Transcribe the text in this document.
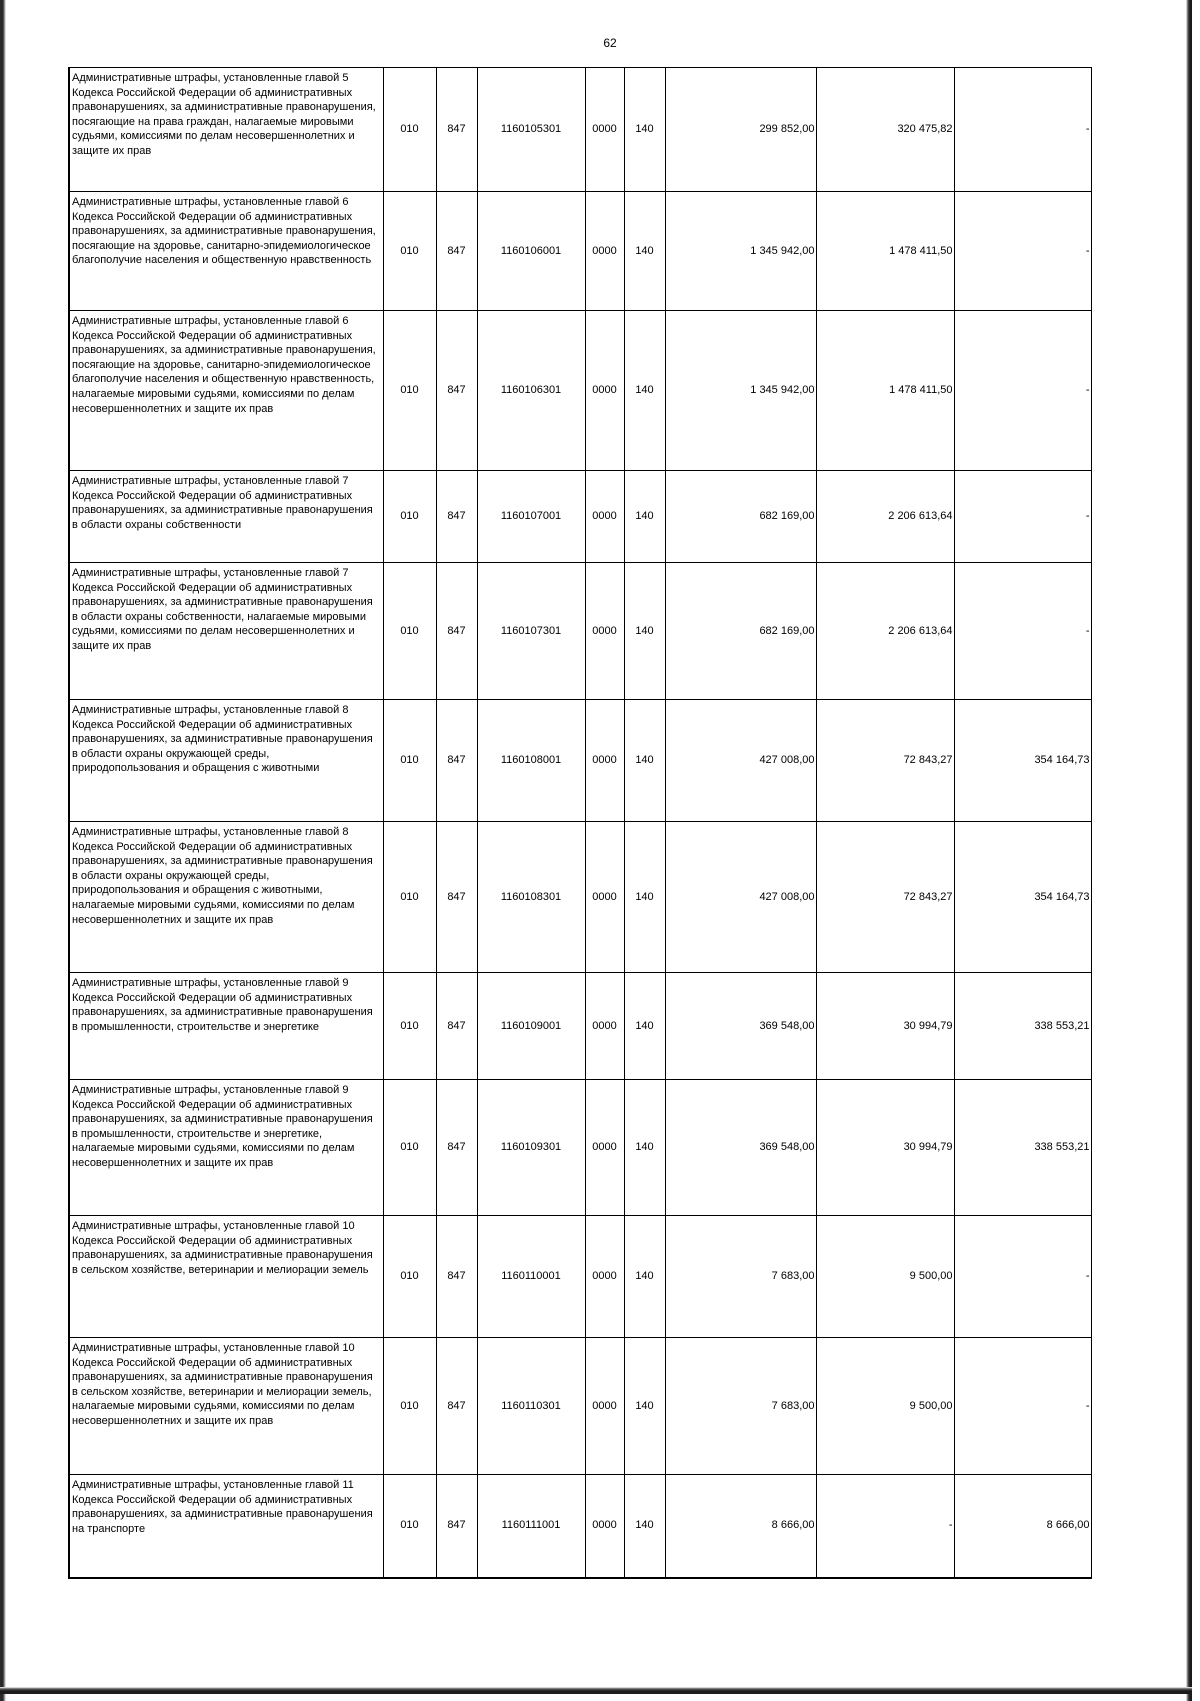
62
Административные штрафы, установленные главой 5 Кодекса Российской Федерации об административных правонарушениях, за административные правонарушения, посягающие на права граждан, налагаемые мировыми судьями, комиссиями по делам несовершеннолетних и защите их прав	010	847	1160105301	0000	140	299 852,00	320 475,82	-
Административные штрафы, установленные главой 6 Кодекса Российской Федерации об административных правонарушениях, за административные правонарушения, посягающие на здоровье, санитарно-эпидемиологическое благополучие населения и общественную нравственность	010	847	1160106001	0000	140	1 345 942,00	1 478 411,50	-
Административные штрафы, установленные главой 6 Кодекса Российской Федерации об административных правонарушениях, за административные правонарушения, посягающие на здоровье, санитарно-эпидемиологическое благополучие населения и общественную нравственность, налагаемые мировыми судьями, комиссиями по делам несовершеннолетних и защите их прав	010	847	1160106301	0000	140	1 345 942,00	1 478 411,50	-
Административные штрафы, установленные главой 7 Кодекса Российской Федерации об административных правонарушениях, за административные правонарушения в области охраны собственности	010	847	1160107001	0000	140	682 169,00	2 206 613,64	-
Административные штрафы, установленные главой 7 Кодекса Российской Федерации об административных правонарушениях, за административные правонарушения в области охраны собственности, налагаемые мировыми судьями, комиссиями по делам несовершеннолетних и защите их прав	010	847	1160107301	0000	140	682 169,00	2 206 613,64	-
Административные штрафы, установленные главой 8 Кодекса Российской Федерации об административных правонарушениях, за административные правонарушения в области охраны окружающей среды, природопользования и обращения с животными	010	847	1160108001	0000	140	427 008,00	72 843,27	354 164,73
Административные штрафы, установленные главой 8 Кодекса Российской Федерации об административных правонарушениях, за административные правонарушения в области охраны окружающей среды, природопользования и обращения с животными, налагаемые мировыми судьями, комиссиями по делам несовершеннолетних и защите их прав	010	847	1160108301	0000	140	427 008,00	72 843,27	354 164,73
Административные штрафы, установленные главой 9 Кодекса Российской Федерации об административных правонарушениях, за административные правонарушения в промышленности, строительстве и энергетике	010	847	1160109001	0000	140	369 548,00	30 994,79	338 553,21
Административные штрафы, установленные главой 9 Кодекса Российской Федерации об административных правонарушениях, за административные правонарушения в промышленности, строительстве и энергетике, налагаемые мировыми судьями, комиссиями по делам несовершеннолетних и защите их прав	010	847	1160109301	0000	140	369 548,00	30 994,79	338 553,21
Административные штрафы, установленные главой 10 Кодекса Российской Федерации об административных правонарушениях, за административные правонарушения в сельском хозяйстве, ветеринарии и мелиорации земель	010	847	1160110001	0000	140	7 683,00	9 500,00	-
Административные штрафы, установленные главой 10 Кодекса Российской Федерации об административных правонарушениях, за административные правонарушения в сельском хозяйстве, ветеринарии и мелиорации земель, налагаемые мировыми судьями, комиссиями по делам несовершеннолетних и защите их прав	010	847	1160110301	0000	140	7 683,00	9 500,00	-
Административные штрафы, установленные главой 11 Кодекса Российской Федерации об административных правонарушениях, за административные правонарушения на транспорте	010	847	1160111001	0000	140	8 666,00	-	8 666,00
